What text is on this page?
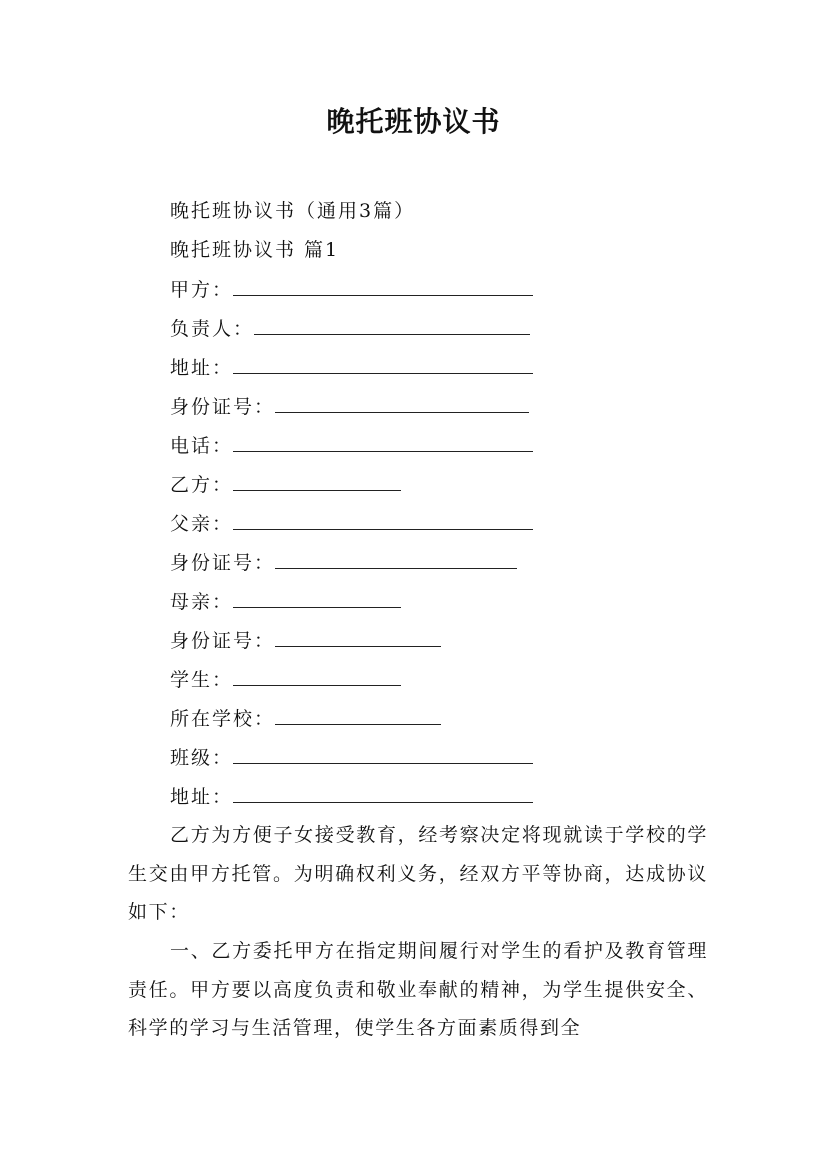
晚托班协议书
晚托班协议书（通用3篇）
晚托班协议书 篇1
甲方：
负责人：
地址：
身份证号：
电话：
乙方：
父亲：
身份证号：
母亲：
身份证号：
学生：
所在学校：
班级：
地址：
乙方为方便子女接受教育，经考察决定将现就读于学校的学生交由甲方托管。为明确权利义务，经双方平等协商，达成协议如下：
一、乙方委托甲方在指定期间履行对学生的看护及教育管理责任。甲方要以高度负责和敬业奉献的精神，为学生提供安全、科学的学习与生活管理，使学生各方面素质得到全
